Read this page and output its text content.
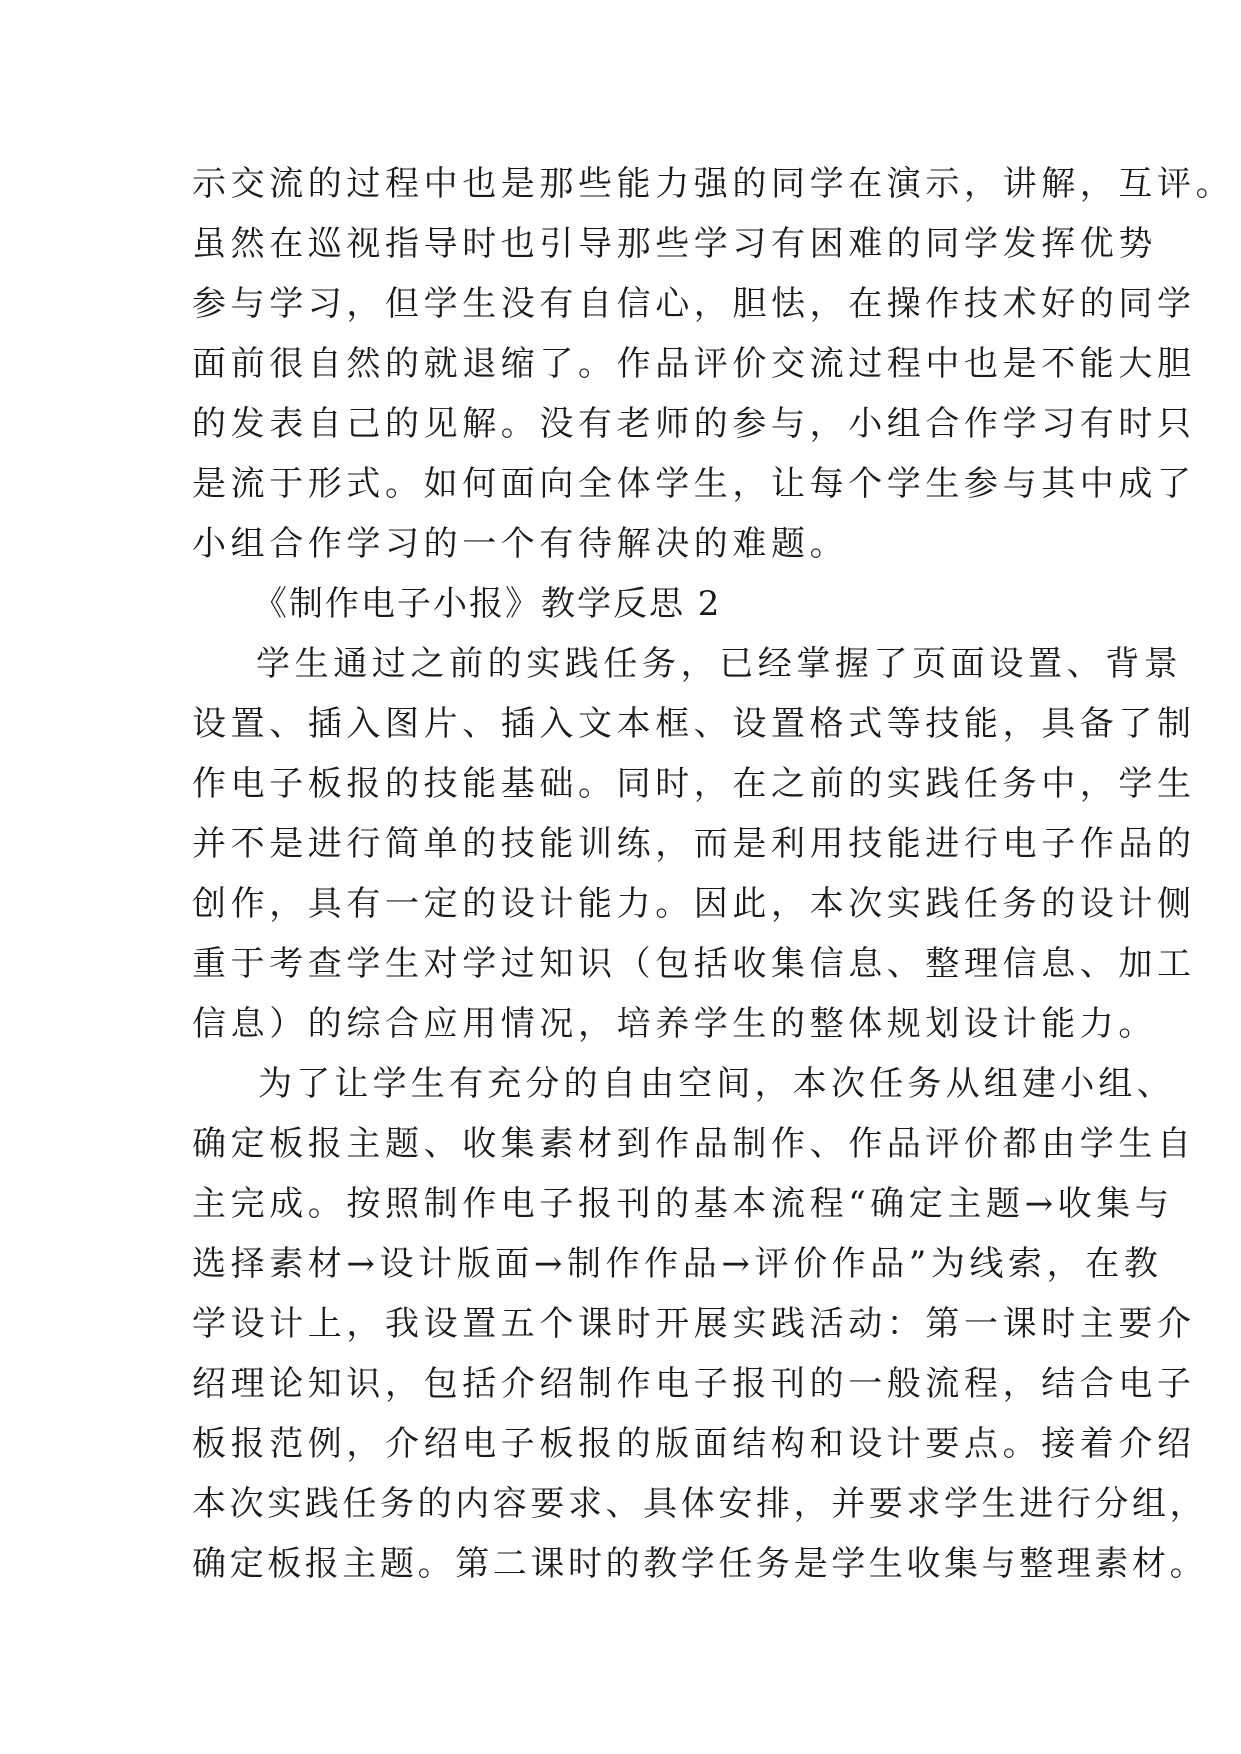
示交流的过程中也是那些能力强的同学在演示，讲解，互评。
虽然在巡视指导时也引导那些学习有困难的同学发挥优势
参与学习，但学生没有自信心，胆怯，在操作技术好的同学
面前很自然的就退缩了。作品评价交流过程中也是不能大胆
的发表自己的见解。没有老师的参与，小组合作学习有时只
是流于形式。如何面向全体学生，让每个学生参与其中成了
小组合作学习的一个有待解决的难题。
《制作电子小报》教学反思 2
学生通过之前的实践任务，已经掌握了页面设置、背景
设置、插入图片、插入文本框、设置格式等技能，具备了制
作电子板报的技能基础。同时，在之前的实践任务中，学生
并不是进行简单的技能训练，而是利用技能进行电子作品的
创作，具有一定的设计能力。因此，本次实践任务的设计侧
重于考查学生对学过知识（包括收集信息、整理信息、加工
信息）的综合应用情况，培养学生的整体规划设计能力。
为了让学生有充分的自由空间，本次任务从组建小组、
确定板报主题、收集素材到作品制作、作品评价都由学生自
主完成。按照制作电子报刊的基本流程“确定主题→收集与
选择素材→设计版面→制作作品→评价作品”为线索，在教
学设计上，我设置五个课时开展实践活动：第一课时主要介
绍理论知识，包括介绍制作电子报刊的一般流程，结合电子
板报范例，介绍电子板报的版面结构和设计要点。接着介绍
本次实践任务的内容要求、具体安排，并要求学生进行分组，
确定板报主题。第二课时的教学任务是学生收集与整理素材。
